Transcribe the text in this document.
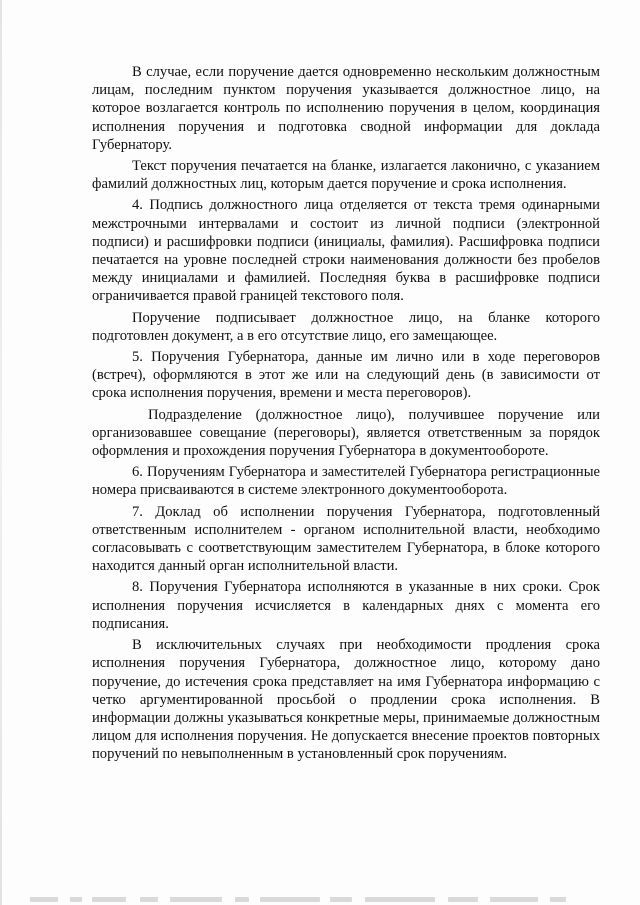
В случае, если поручение дается одновременно нескольким должностным лицам, последним пунктом поручения указывается должностное лицо, на которое возлагается контроль по исполнению поручения в целом, координация исполнения поручения и подготовка сводной информации для доклада Губернатору.

Текст поручения печатается на бланке, излагается лаконично, с указанием фамилий должностных лиц, которым дается поручение и срока исполнения.

4. Подпись должностного лица отделяется от текста тремя одинарными межстрочными интервалами и состоит из личной подписи (электронной подписи) и расшифровки подписи (инициалы, фамилия). Расшифровка подписи печатается на уровне последней строки наименования должности без пробелов между инициалами и фамилией. Последняя буква в расшифровке подписи ограничивается правой границей текстового поля.

Поручение подписывает должностное лицо, на бланке которого подготовлен документ, а в его отсутствие лицо, его замещающее.

5. Поручения Губернатора, данные им лично или в ходе переговоров (встреч), оформляются в этот же или на следующий день (в зависимости от срока исполнения поручения, времени и места переговоров).

Подразделение (должностное лицо), получившее поручение или организовавшее совещание (переговоры), является ответственным за порядок оформления и прохождения поручения Губернатора в документообороте.

6. Поручениям Губернатора и заместителей Губернатора регистрационные номера присваиваются в системе электронного документооборота.

7. Доклад об исполнении поручения Губернатора, подготовленный ответственным исполнителем - органом исполнительной власти, необходимо согласовывать с соответствующим заместителем Губернатора, в блоке которого находится данный орган исполнительной власти.

8. Поручения Губернатора исполняются в указанные в них сроки. Срок исполнения поручения исчисляется в календарных днях с момента его подписания.

В исключительных случаях при необходимости продления срока исполнения поручения Губернатора, должностное лицо, которому дано поручение, до истечения срока представляет на имя Губернатора информацию с четко аргументированной просьбой о продлении срока исполнения. В информации должны указываться конкретные меры, принимаемые должностным лицом для исполнения поручения. Не допускается внесение проектов повторных поручений по невыполненным в установленный срок поручениям.
